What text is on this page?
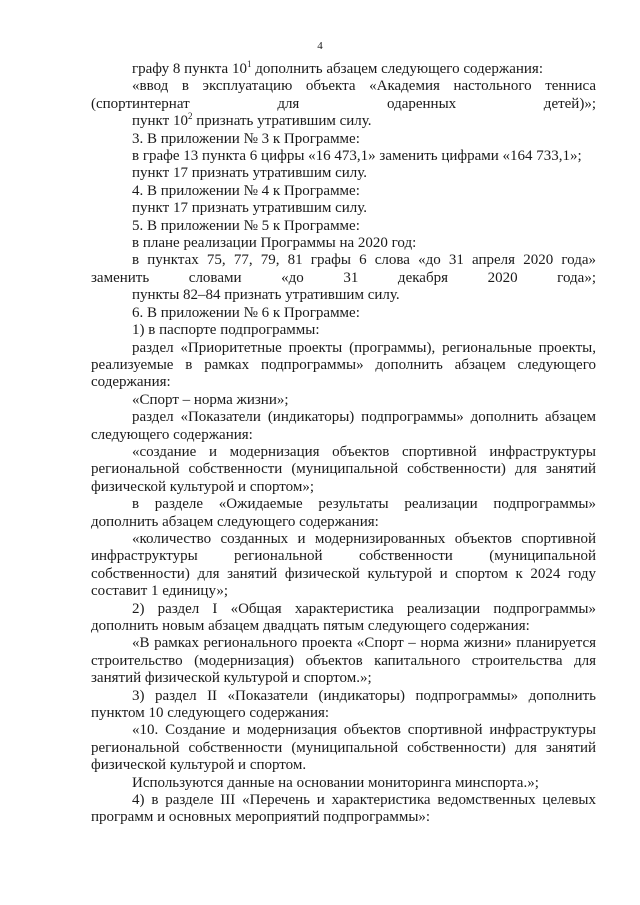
4

графу 8 пункта $10^1$ дополнить абзацем следующего содержания:

«ввод в эксплуатацию объекта «Академия настольного тенниса (спортинтернат для одаренных детей)»;

пункт $10^2$ признать утратившим силу.

3. В приложении № 3 к Программе:

в графе 13 пункта 6 цифры «16 473,1» заменить цифрами «164 733,1»;

пункт 17 признать утратившим силу.

4. В приложении № 4 к Программе:

пункт 17 признать утратившим силу.

5. В приложении № 5 к Программе:

в плане реализации Программы на 2020 год:

в пунктах 75, 77, 79, 81 графы 6 слова «до 31 апреля 2020 года» заменить словами «до 31 декабря 2020 года»;

пункты 82–84 признать утратившим силу.

6. В приложении № 6 к Программе:

1) в паспорте подпрограммы:

раздел «Приоритетные проекты (программы), региональные проекты, реализуемые в рамках подпрограммы» дополнить абзацем следующего содержания:

«Спорт – норма жизни»;

раздел «Показатели (индикаторы) подпрограммы» дополнить абзацем следующего содержания:

«создание и модернизация объектов спортивной инфраструктуры региональной собственности (муниципальной собственности) для занятий физической культурой и спортом»;

в разделе «Ожидаемые результаты реализации подпрограммы» дополнить абзацем следующего содержания:

«количество созданных и модернизированных объектов спортивной инфраструктуры региональной собственности (муниципальной собственности) для занятий физической культурой и спортом к 2024 году составит 1 единицу»;

2) раздел I «Общая характеристика реализации подпрограммы» дополнить новым абзацем двадцать пятым следующего содержания:

«В рамках регионального проекта «Спорт – норма жизни» планируется строительство (модернизация) объектов капитального строительства для занятий физической культурой и спортом.»;

3) раздел II «Показатели (индикаторы) подпрограммы» дополнить пунктом 10 следующего содержания:

«10. Создание и модернизация объектов спортивной инфраструктуры региональной собственности (муниципальной собственности) для занятий физической культурой и спортом.

Используются данные на основании мониторинга минспорта.»;

4) в разделе III «Перечень и характеристика ведомственных целевых программ и основных мероприятий подпрограммы»:
